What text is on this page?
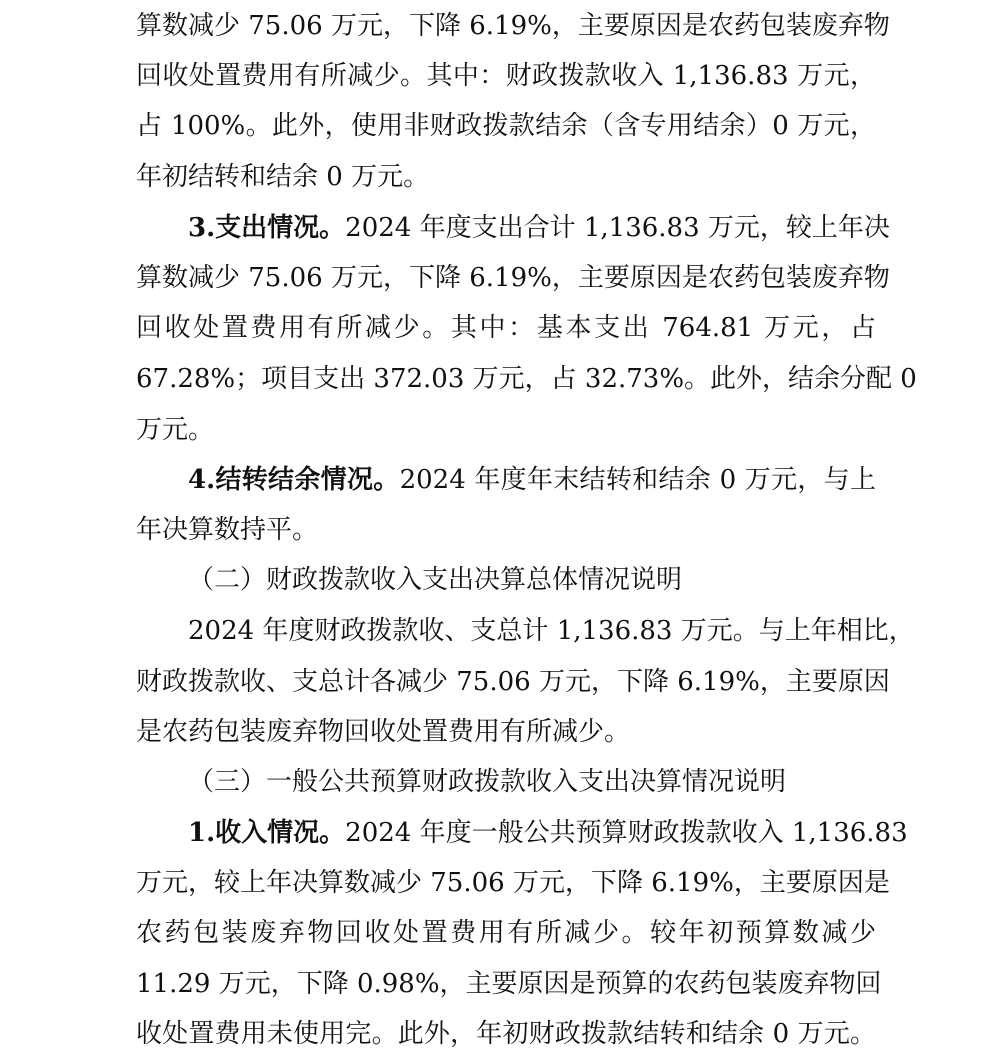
算数减少 75.06 万元，下降 6.19%，主要原因是农药包装废弃物
回收处置费用有所减少。其中：财政拨款收入 1,136.83 万元，
占 100%。此外，使用非财政拨款结余（含专用结余）0 万元，
年初结转和结余 0 万元。
3.支出情况。2024 年度支出合计 1,136.83 万元，较上年决
算数减少 75.06 万元，下降 6.19%，主要原因是农药包装废弃物
回收处置费用有所减少。其中：基本支出 764.81 万元，占
67.28%；项目支出 372.03 万元，占 32.73%。此外，结余分配 0
万元。
4.结转结余情况。2024 年度年末结转和结余 0 万元，与上
年决算数持平。
（二）财政拨款收入支出决算总体情况说明
2024 年度财政拨款收、支总计 1,136.83 万元。与上年相比，
财政拨款收、支总计各减少 75.06 万元，下降 6.19%，主要原因
是农药包装废弃物回收处置费用有所减少。
（三）一般公共预算财政拨款收入支出决算情况说明
1.收入情况。2024 年度一般公共预算财政拨款收入 1,136.83
万元，较上年决算数减少 75.06 万元，下降 6.19%，主要原因是
农药包装废弃物回收处置费用有所减少。较年初预算数减少
11.29 万元，下降 0.98%，主要原因是预算的农药包装废弃物回
收处置费用未使用完。此外，年初财政拨款结转和结余 0 万元。
